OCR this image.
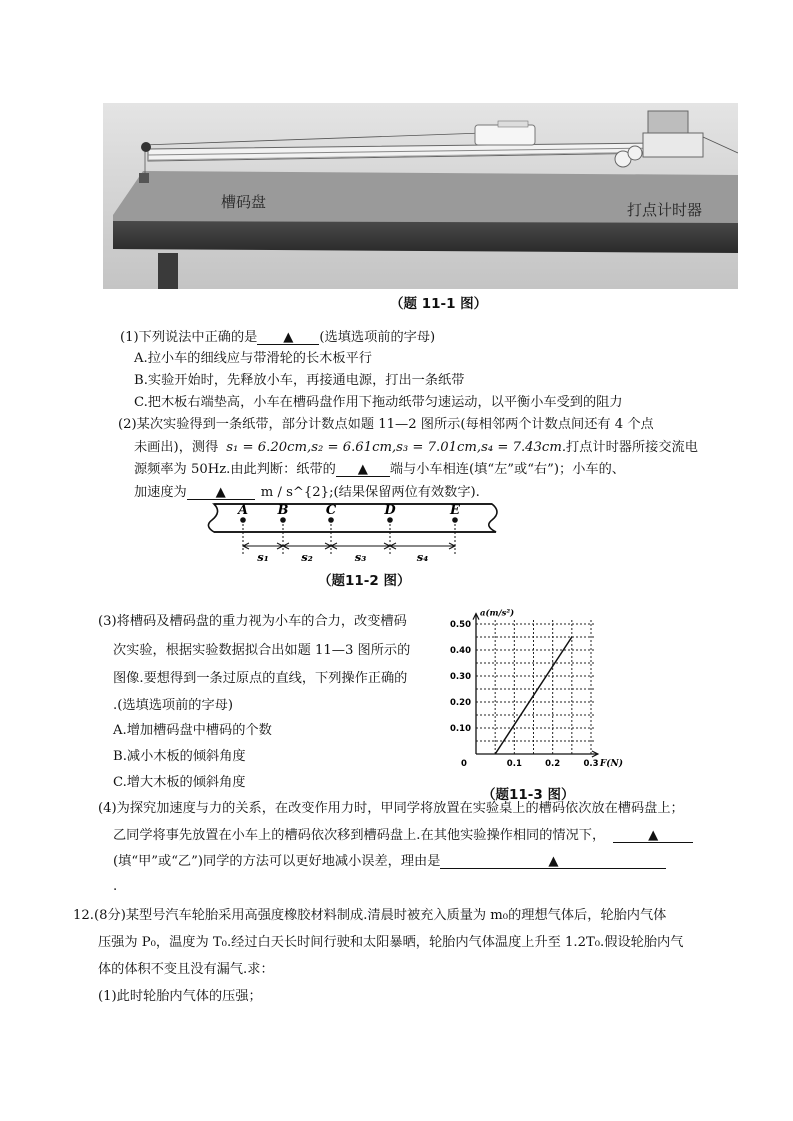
槽码盘	打点计时器
（题 11-1 图）
(1)下列说法中正确的是 ▲ (选填选项前的字母)
A.拉小车的细线应与带滑轮的长木板平行
B.实验开始时，先释放小车，再接通电源，打出一条纸带
C.把木板右端垫高，小车在槽码盘作用下拖动纸带匀速运动，以平衡小车受到的阻力
(2)某次实验得到一条纸带，部分计数点如题 11—2 图所示(每相邻两个计数点间还有 4 个点
未画出)，测得 s₁ = 6.20cm,s₂ = 6.61cm,s₃ = 7.01cm,s₄ = 7.43cm.打点计时器所接交流电
源频率为 50Hz.由此判断：纸带的 ▲ 端与小车相连(填“左”或“右”)；小车的、
加速度为 ▲	m / s^{2};(结果保留两位有效数字).
A B	C	D	E
s₁	s₂	s₃	s₄
（题11-2 图）
(3)将槽码及槽码盘的重力视为小车的合力，改变槽码
次实验，根据实验数据拟合出如题 11—3 图所示的
图像.要想得到一条过原点的直线，下列操作正确的
.(选填选项前的字母)
A.增加槽码盘中槽码的个数
B.减小木板的倾斜角度
C.增大木板的倾斜角度
0.10
0.20
0.30
0.40
0.50
0	0.1	0.2	0.3
a(m/s²)
F(N)
（题11-3 图）
(4)为探究加速度与力的关系，在改变作用力时，甲同学将放置在实验桌上的槽码依次放在槽码盘上；
乙同学将事先放置在小车上的槽码依次移到槽码盘上.在其他实验操作相同的情况下，	▲
(填“甲”或“乙”)同学的方法可以更好地减小误差，理由是	▲
.
12.(8分)某型号汽车轮胎采用高强度橡胶材料制成.清晨时被充入质量为 m₀的理想气体后，轮胎内气体
压强为 P₀，温度为 T₀.经过白天长时间行驶和太阳暴晒，轮胎内气体温度上升至 1.2T₀.假设轮胎内气
体的体积不变且没有漏气.求：
(1)此时轮胎内气体的压强；
